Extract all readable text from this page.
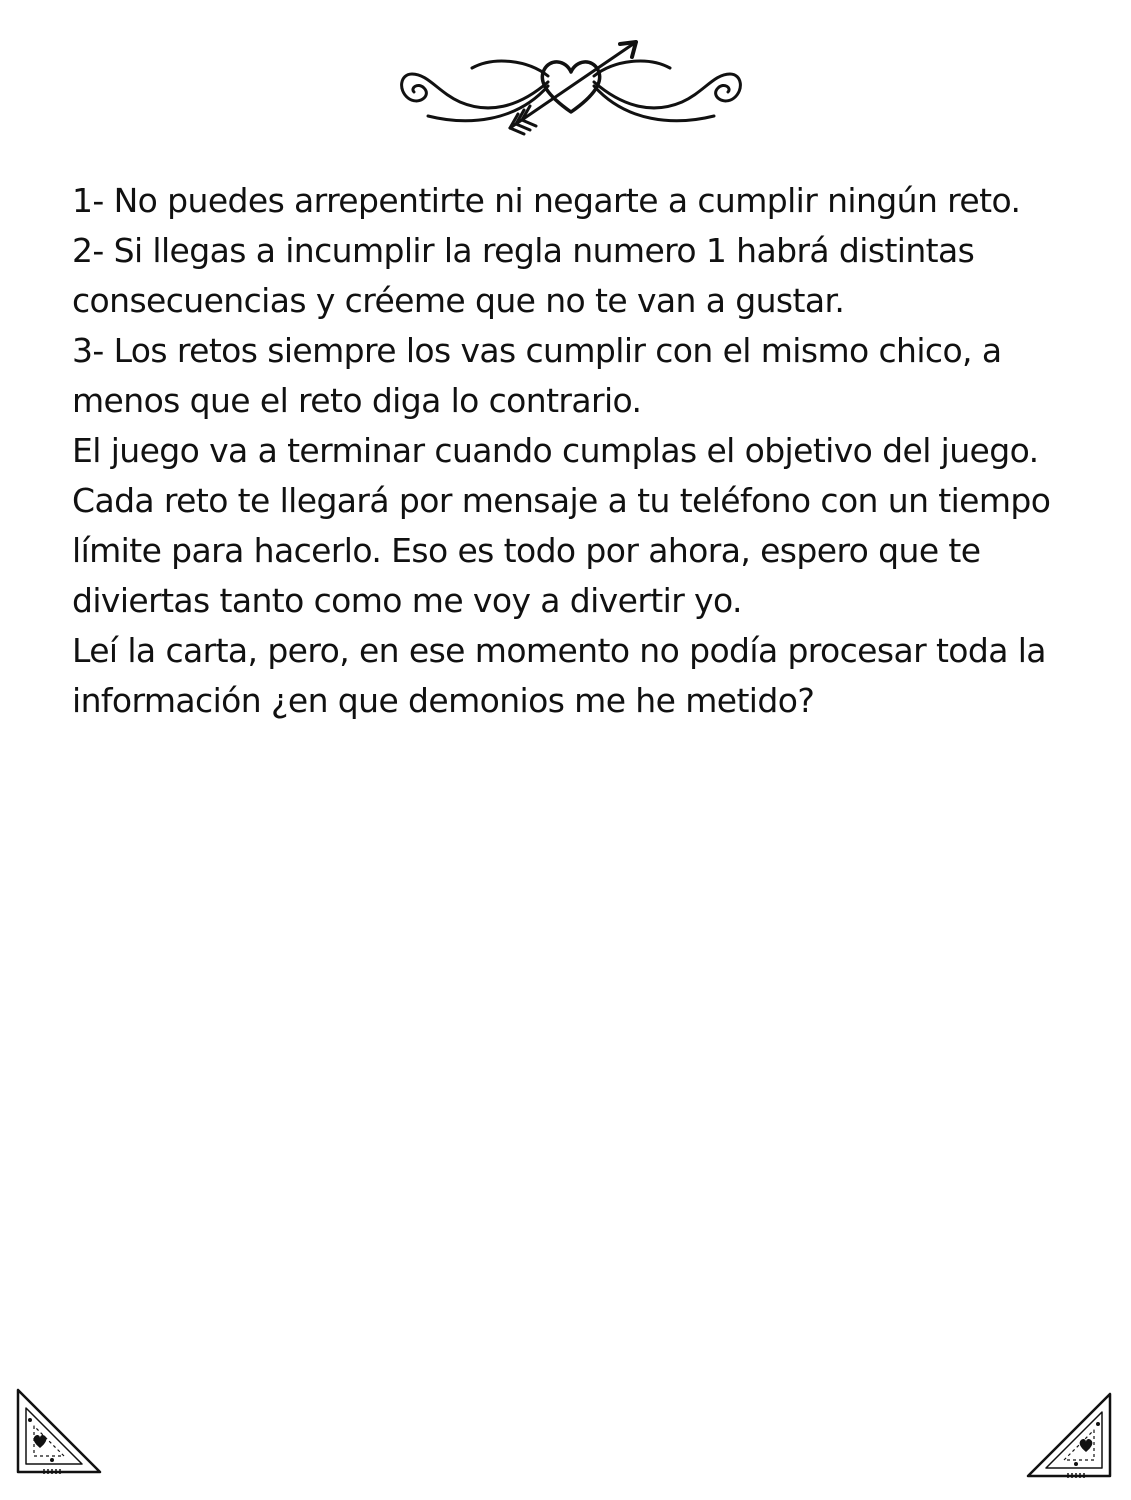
1- No puedes arrepentirte ni negarte a cumplir ningún reto.

2- Si llegas a incumplir la regla numero 1 habrá distintas consecuencias y créeme que no te van a gustar.

3- Los retos siempre los vas cumplir con el mismo chico, a menos que el reto diga lo contrario.

El juego va a terminar cuando cumplas el objetivo del juego. Cada reto te llegará por mensaje a tu teléfono con un tiempo límite para hacerlo. Eso es todo por ahora, espero que te diviertas tanto como me voy a divertir yo.

Leí la carta, pero, en ese momento no podía procesar toda la información ¿en que demonios me he metido?
